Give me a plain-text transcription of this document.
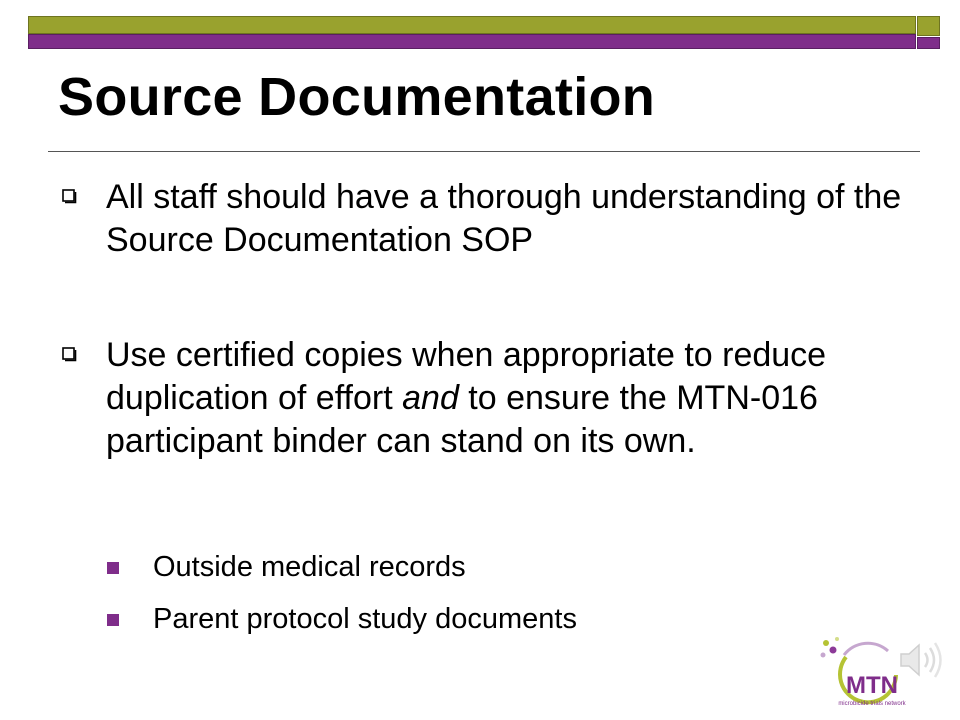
Source Documentation
All staff should have a thorough understanding of the Source Documentation SOP
Use certified copies when appropriate to reduce duplication of effort and to ensure the MTN-016 participant binder can stand on its own.
Outside medical records
Parent protocol study documents
MTN
microbicide trials network
